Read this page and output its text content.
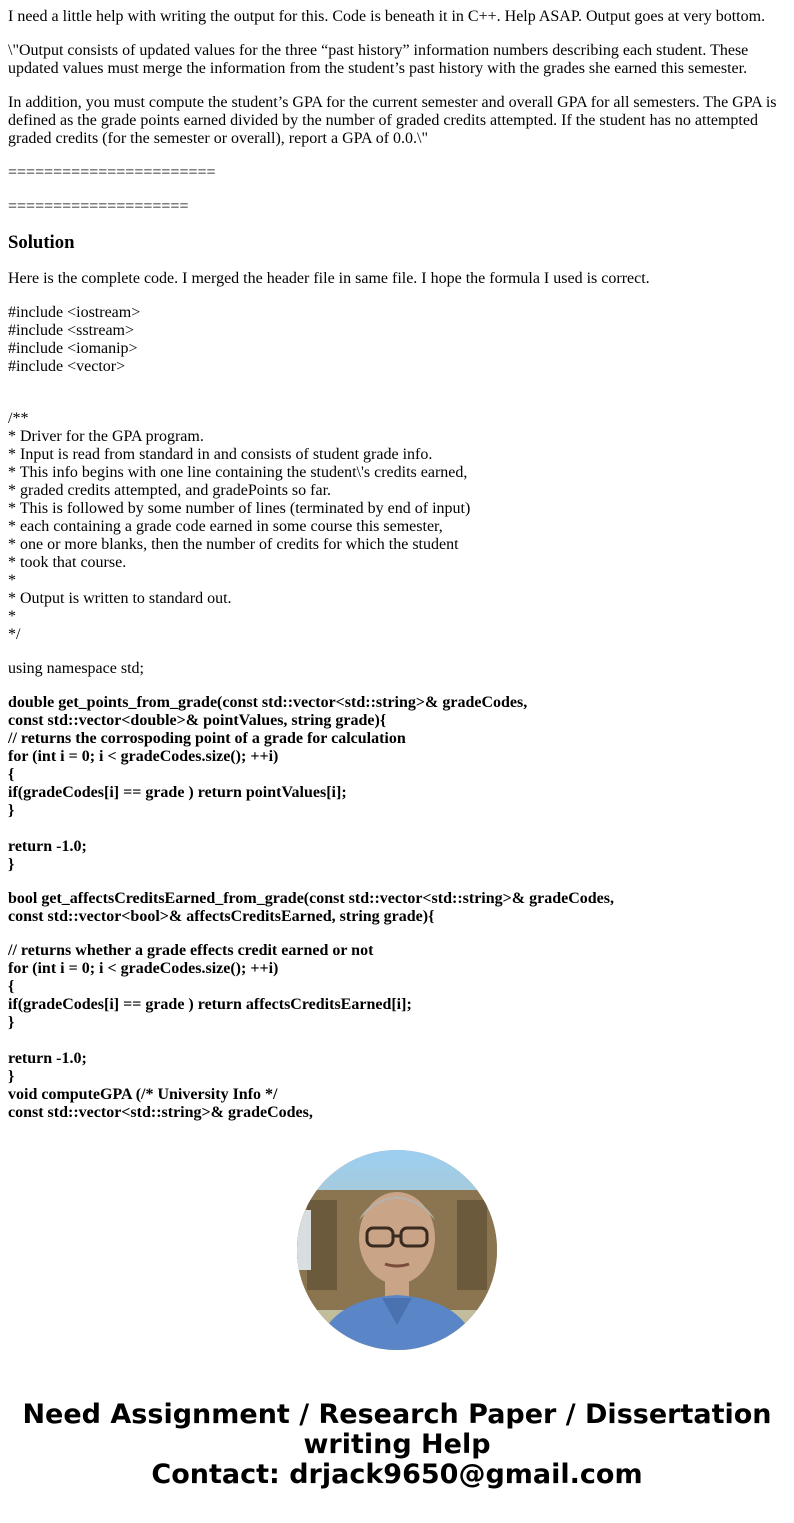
I need a little help with writing the output for this. Code is beneath it in C++. Help ASAP. Output goes at very bottom.

\"Output consists of updated values for the three “past history” information numbers describing each student. These updated values must merge the information from the student’s past history with the grades she earned this semester.

In addition, you must compute the student’s GPA for the current semester and overall GPA for all semesters. The GPA is defined as the grade points earned divided by the number of graded credits attempted. If the student has no attempted graded credits (for the semester or overall), report a GPA of 0.0.\"

=======================

====================

Solution

Here is the complete code. I merged the header file in same file. I hope the formula I used is correct.

#include <iostream>
#include <sstream>
#include <iomanip>
#include <vector>

/**
* Driver for the GPA program.
* Input is read from standard in and consists of student grade info.
* This info begins with one line containing the student\'s credits earned,
* graded credits attempted, and gradePoints so far.
* This is followed by some number of lines (terminated by end of input)
* each containing a grade code earned in some course this semester,
* one or more blanks, then the number of credits for which the student
* took that course.
*
* Output is written to standard out.
*
*/
using namespace std;
double get_points_from_grade(const std::vector<std::string>& gradeCodes,
const std::vector<double>& pointValues, string grade){
// returns the corrospoding point of a grade for calculation
for (int i = 0; i < gradeCodes.size(); ++i)
{
if(gradeCodes[i] == grade ) return pointValues[i];
}

return -1.0;
}
bool get_affectsCreditsEarned_from_grade(const std::vector<std::string>& gradeCodes,
const std::vector<bool>& affectsCreditsEarned, string grade){
// returns whether a grade effects credit earned or not
for (int i = 0; i < gradeCodes.size(); ++i)
{
if(gradeCodes[i] == grade ) return affectsCreditsEarned[i];
}

return -1.0;
}
void computeGPA (/* University Info */
const std::vector<std::string>& gradeCodes,
Need Assignment / Research Paper / Dissertation
writing Help
Contact: drjack9650@gmail.com
